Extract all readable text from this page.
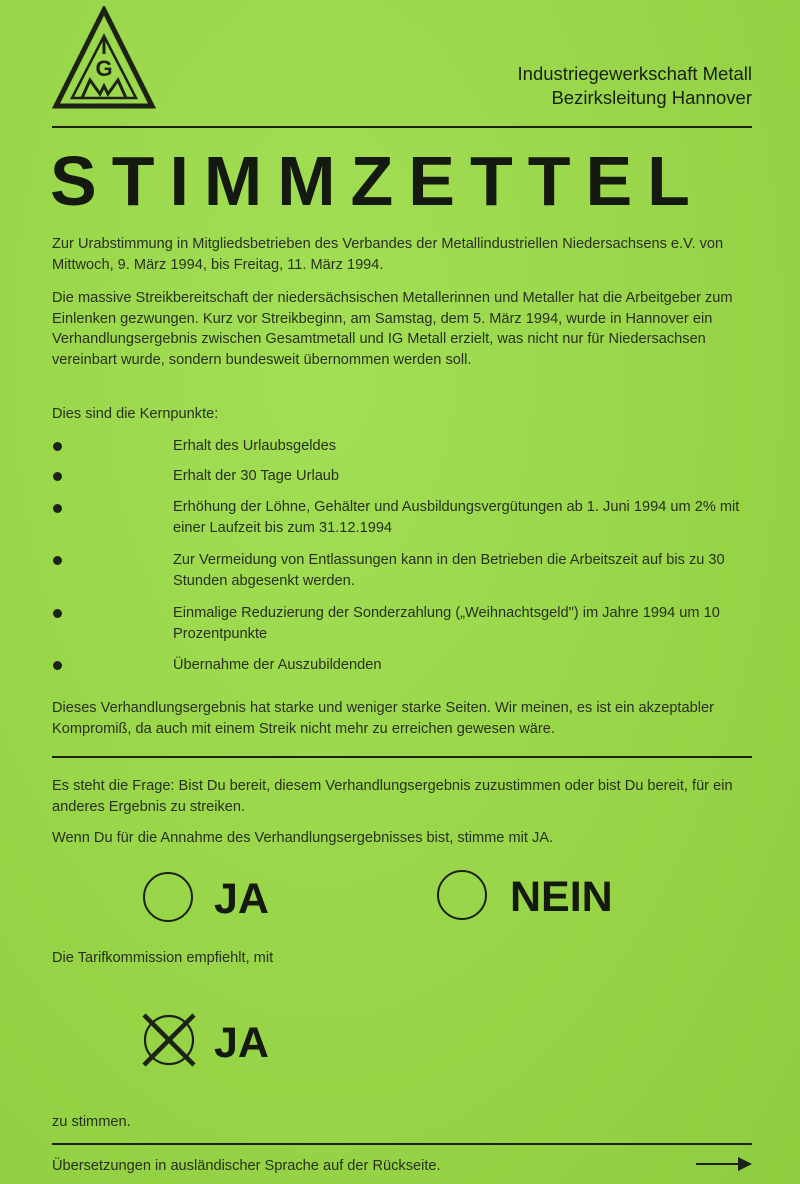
G
IGM
Industriegewerkschaft Metall
Bezirksleitung Hannover
STIMMZETTEL

Zur Urabstimmung in Mitgliedsbetrieben des Verbandes der Metallindustriellen Niedersachsens e.V. von Mittwoch, 9. März 1994, bis Freitag, 11. März 1994.

Die massive Streikbereitschaft der niedersächsischen Metallerinnen und Metaller hat die Arbeitgeber zum Einlenken gezwungen. Kurz vor Streikbeginn, am Samstag, dem 5. März 1994, wurde in Hannover ein Verhandlungsergebnis zwischen Gesamtmetall und IG Metall erzielt, was nicht nur für Niedersachsen vereinbart wurde, sondern bundesweit übernommen werden soll.

Dies sind die Kernpunkte:

Erhalt des Urlaubsgeldes
Erhalt der 30 Tage Urlaub
Erhöhung der Löhne, Gehälter und Ausbildungsvergütungen ab 1. Juni 1994 um 2% mit einer Laufzeit bis zum 31.12.1994
Zur Vermeidung von Entlassungen kann in den Betrieben die Arbeitszeit auf bis zu 30 Stunden abgesenkt werden.
Einmalige Reduzierung der Sonderzahlung („Weihnachtsgeld") im Jahre 1994 um 10 Prozentpunkte
Übernahme der Auszubildenden

Dieses Verhandlungsergebnis hat starke und weniger starke Seiten. Wir meinen, es ist ein akzeptabler Kompromiß, da auch mit einem Streik nicht mehr zu erreichen gewesen wäre.

Es steht die Frage: Bist Du bereit, diesem Verhandlungsergebnis zuzustimmen oder bist Du bereit, für ein anderes Ergebnis zu streiken.

Wenn Du für die Annahme des Verhandlungsergebnisses bist, stimme mit JA.

JA	NEIN

Die Tarifkommission empfiehlt, mit

JA

zu stimmen.

Übersetzungen in ausländischer Sprache auf der Rückseite.
